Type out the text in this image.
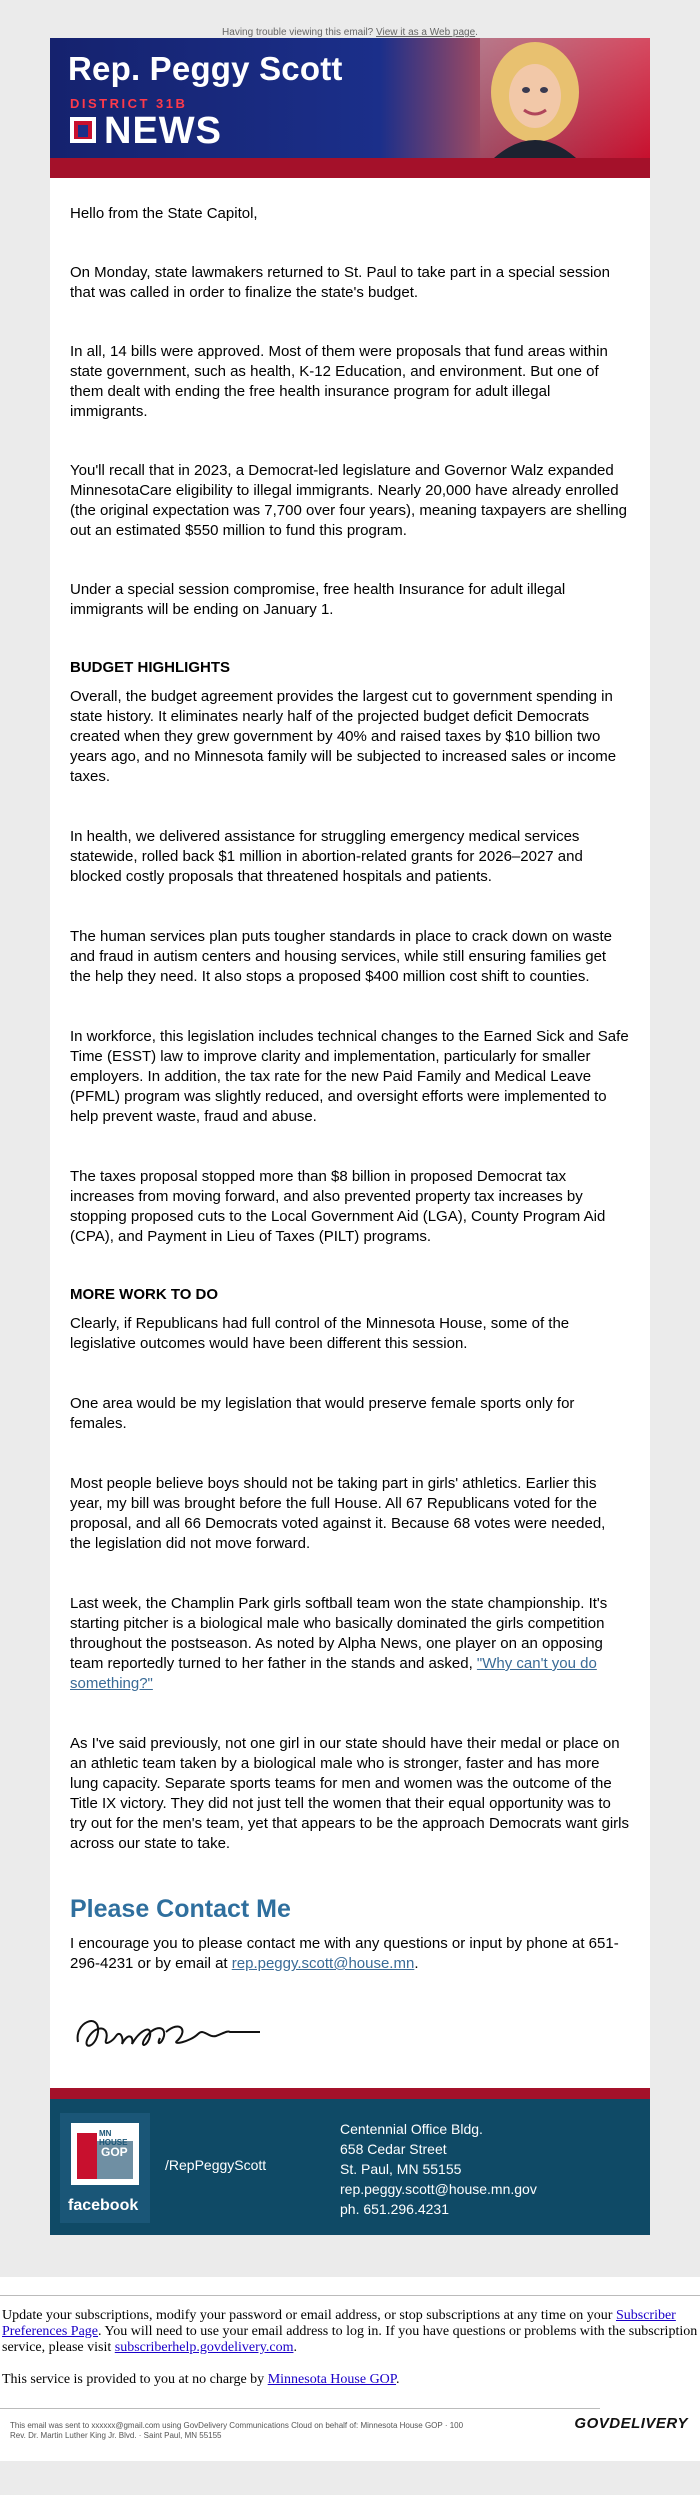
Having trouble viewing this email? View it as a Web page.
Rep. Peggy Scott
DISTRICT 31B
NEWS

Hello from the State Capitol,

On Monday, state lawmakers returned to St. Paul to take part in a special session that was called in order to finalize the state's budget.

In all, 14 bills were approved. Most of them were proposals that fund areas within state government, such as health, K-12 Education, and environment. But one of them dealt with ending the free health insurance program for adult illegal immigrants.

You'll recall that in 2023, a Democrat-led legislature and Governor Walz expanded MinnesotaCare eligibility to illegal immigrants. Nearly 20,000 have already enrolled (the original expectation was 7,700 over four years), meaning taxpayers are shelling out an estimated $550 million to fund this program.

Under a special session compromise, free health Insurance for adult illegal immigrants will be ending on January 1.

BUDGET HIGHLIGHTS

Overall, the budget agreement provides the largest cut to government spending in state history. It eliminates nearly half of the projected budget deficit Democrats created when they grew government by 40% and raised taxes by $10 billion two years ago, and no Minnesota family will be subjected to increased sales or income taxes.

In health, we delivered assistance for struggling emergency medical services statewide, rolled back $1 million in abortion-related grants for 2026–2027 and blocked costly proposals that threatened hospitals and patients.

The human services plan puts tougher standards in place to crack down on waste and fraud in autism centers and housing services, while still ensuring families get the help they need. It also stops a proposed $400 million cost shift to counties.

In workforce, this legislation includes technical changes to the Earned Sick and Safe Time (ESST) law to improve clarity and implementation, particularly for smaller employers. In addition, the tax rate for the new Paid Family and Medical Leave (PFML) program was slightly reduced, and oversight efforts were implemented to help prevent waste, fraud and abuse.

The taxes proposal stopped more than $8 billion in proposed Democrat tax increases from moving forward, and also prevented property tax increases by stopping proposed cuts to the Local Government Aid (LGA), County Program Aid (CPA), and Payment in Lieu of Taxes (PILT) programs.

MORE WORK TO DO

Clearly, if Republicans had full control of the Minnesota House, some of the legislative outcomes would have been different this session.

One area would be my legislation that would preserve female sports only for females.

Most people believe boys should not be taking part in girls' athletics. Earlier this year, my bill was brought before the full House. All 67 Republicans voted for the proposal, and all 66 Democrats voted against it. Because 68 votes were needed, the legislation did not move forward.

Last week, the Champlin Park girls softball team won the state championship. It's starting pitcher is a biological male who basically dominated the girls competition throughout the postseason. As noted by Alpha News, one player on an opposing team reportedly turned to her father in the stands and asked, "Why can't you do something?"

As I've said previously, not one girl in our state should have their medal or place on an athletic team taken by a biological male who is stronger, faster and has more lung capacity. Separate sports teams for men and women was the outcome of the Title IX victory. They did not just tell the women that their equal opportunity was to try out for the men's team, yet that appears to be the approach Democrats want girls across our state to take.

Please Contact Me

I encourage you to please contact me with any questions or input by phone at 651-296-4231 or by email at rep.peggy.scott@house.mn.

MN HOUSE
GOP
facebook
/RepPeggyScott
Centennial Office Bldg.
658 Cedar Street
St. Paul, MN 55155
rep.peggy.scott@house.mn.gov
ph. 651.296.4231

Update your subscriptions, modify your password or email address, or stop subscriptions at any time on your Subscriber Preferences Page. You will need to use your email address to log in. If you have questions or problems with the subscription service, please visit subscriberhelp.govdelivery.com.

This service is provided to you at no charge by Minnesota House GOP.

This email was sent to xxxxxx@gmail.com using GovDelivery Communications Cloud on behalf of: Minnesota House GOP · 100
Rev. Dr. Martin Luther King Jr. Blvd. · Saint Paul, MN 55155
GOVDELIVERY
